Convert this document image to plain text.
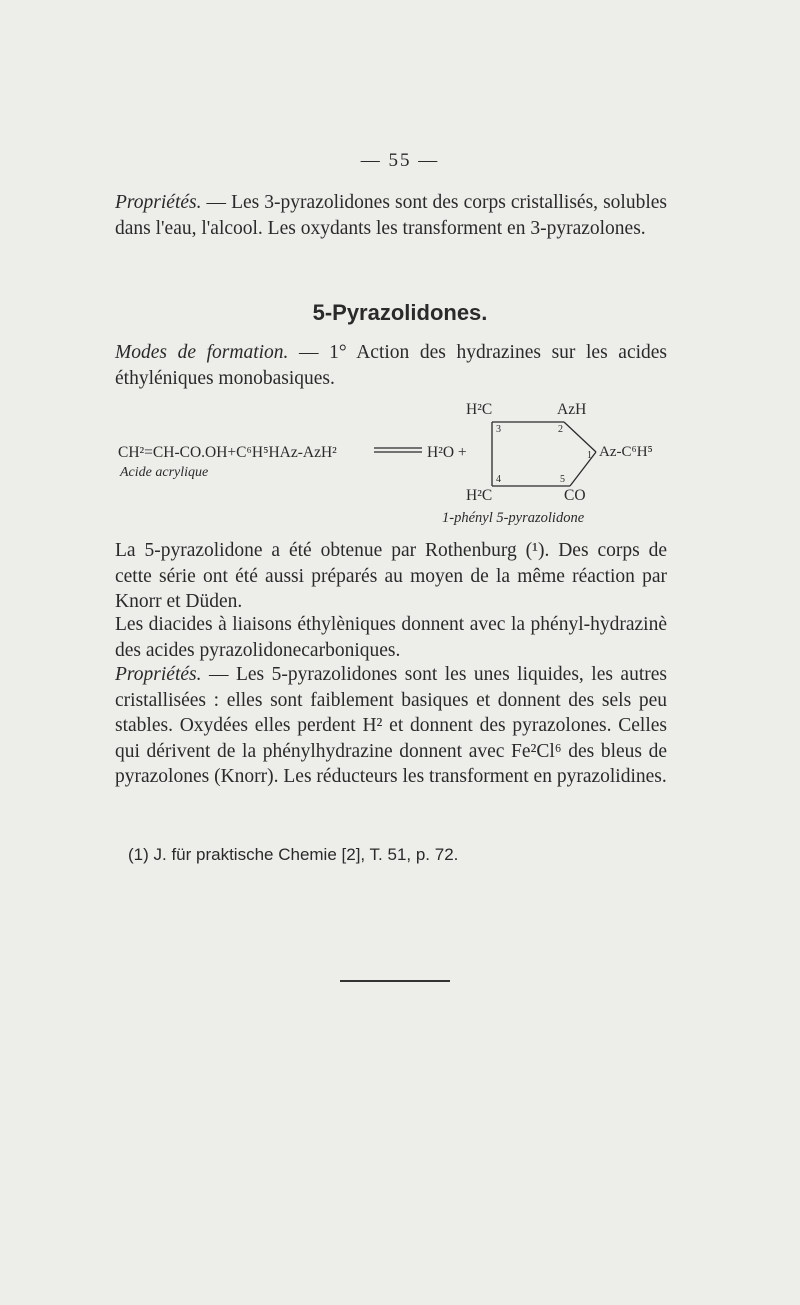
— 55 —
Propriétés. — Les 3-pyrazolidones sont des corps cristallisés, solubles dans l'eau, l'alcool. Les oxydants les transforment en 3-pyrazolones.
5-Pyrazolidones.
Modes de formation. — 1° Action des hydrazines sur les acides éthyléniques monobasiques.
CH²=CH-CO.OH+C⁶H⁵HAz-AzH²
Acide acrylique
H²O +
H²C	AzH
H²C	CO
Az-C⁶H⁵
3	2
1
4	5
1-phényl 5-pyrazolidone
La 5-pyrazolidone a été obtenue par Rothenburg (¹). Des corps de cette série ont été aussi préparés au moyen de la même réaction par Knorr et Düden.
Les diacides à liaisons éthylèniques donnent avec la phényl-hydrazinè des acides pyrazolidonecarboniques.
Propriétés. — Les 5-pyrazolidones sont les unes liquides, les autres cristallisées : elles sont faiblement basiques et donnent des sels peu stables. Oxydées elles perdent H² et donnent des pyrazolones. Celles qui dérivent de la phénylhydrazine donnent avec Fe²Cl⁶ des bleus de pyrazolones (Knorr). Les réducteurs les transforment en pyrazolidines.
(1) J. für praktische Chemie [2], T. 51, p. 72.
